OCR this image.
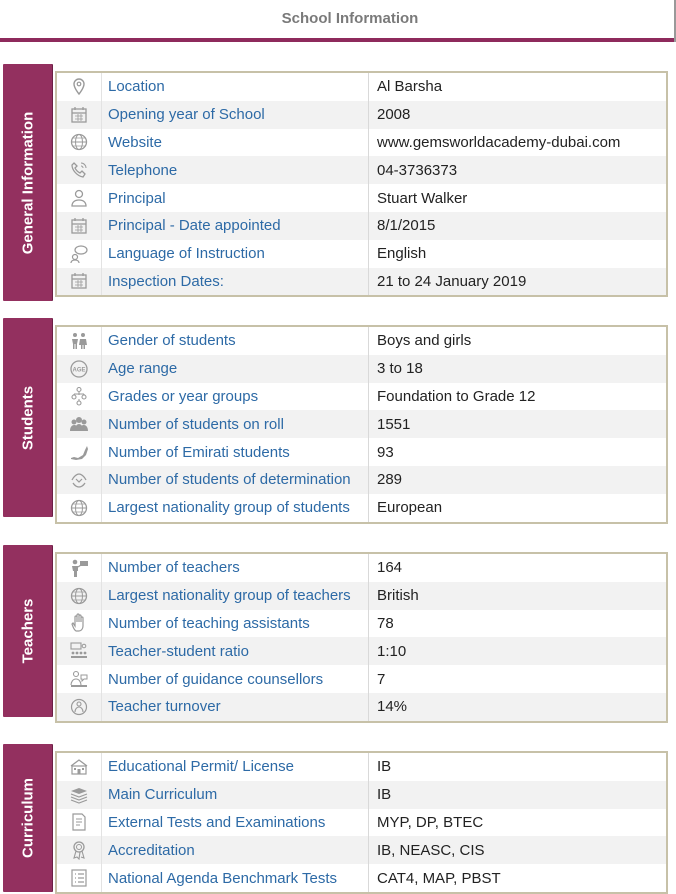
School Information
General Information
Location	Al Barsha
Opening year of School	2008
Website	www.gemsworldacademy-dubai.com
Telephone	04-3736373
Principal	Stuart Walker
Principal - Date appointed	8/1/2015
Language of Instruction	English
Inspection Dates:	21 to 24 January 2019
Students
Gender of students	Boys and girls
AGE	Age range	3 to 18
Grades or year groups	Foundation to Grade 12
Number of students on roll	1551
Number of Emirati students	93
Number of students of determination	289
Largest nationality group of students	European
Teachers
Number of teachers	164
Largest nationality group of teachers	British
Number of teaching assistants	78
Teacher-student ratio	1:10
Number of guidance counsellors	7
Teacher turnover	14%
Curriculum
Educational Permit/ License	IB
Main Curriculum	IB
External Tests and Examinations	MYP, DP, BTEC
Accreditation	IB, NEASC, CIS
National Agenda Benchmark Tests	CAT4, MAP, PBST
